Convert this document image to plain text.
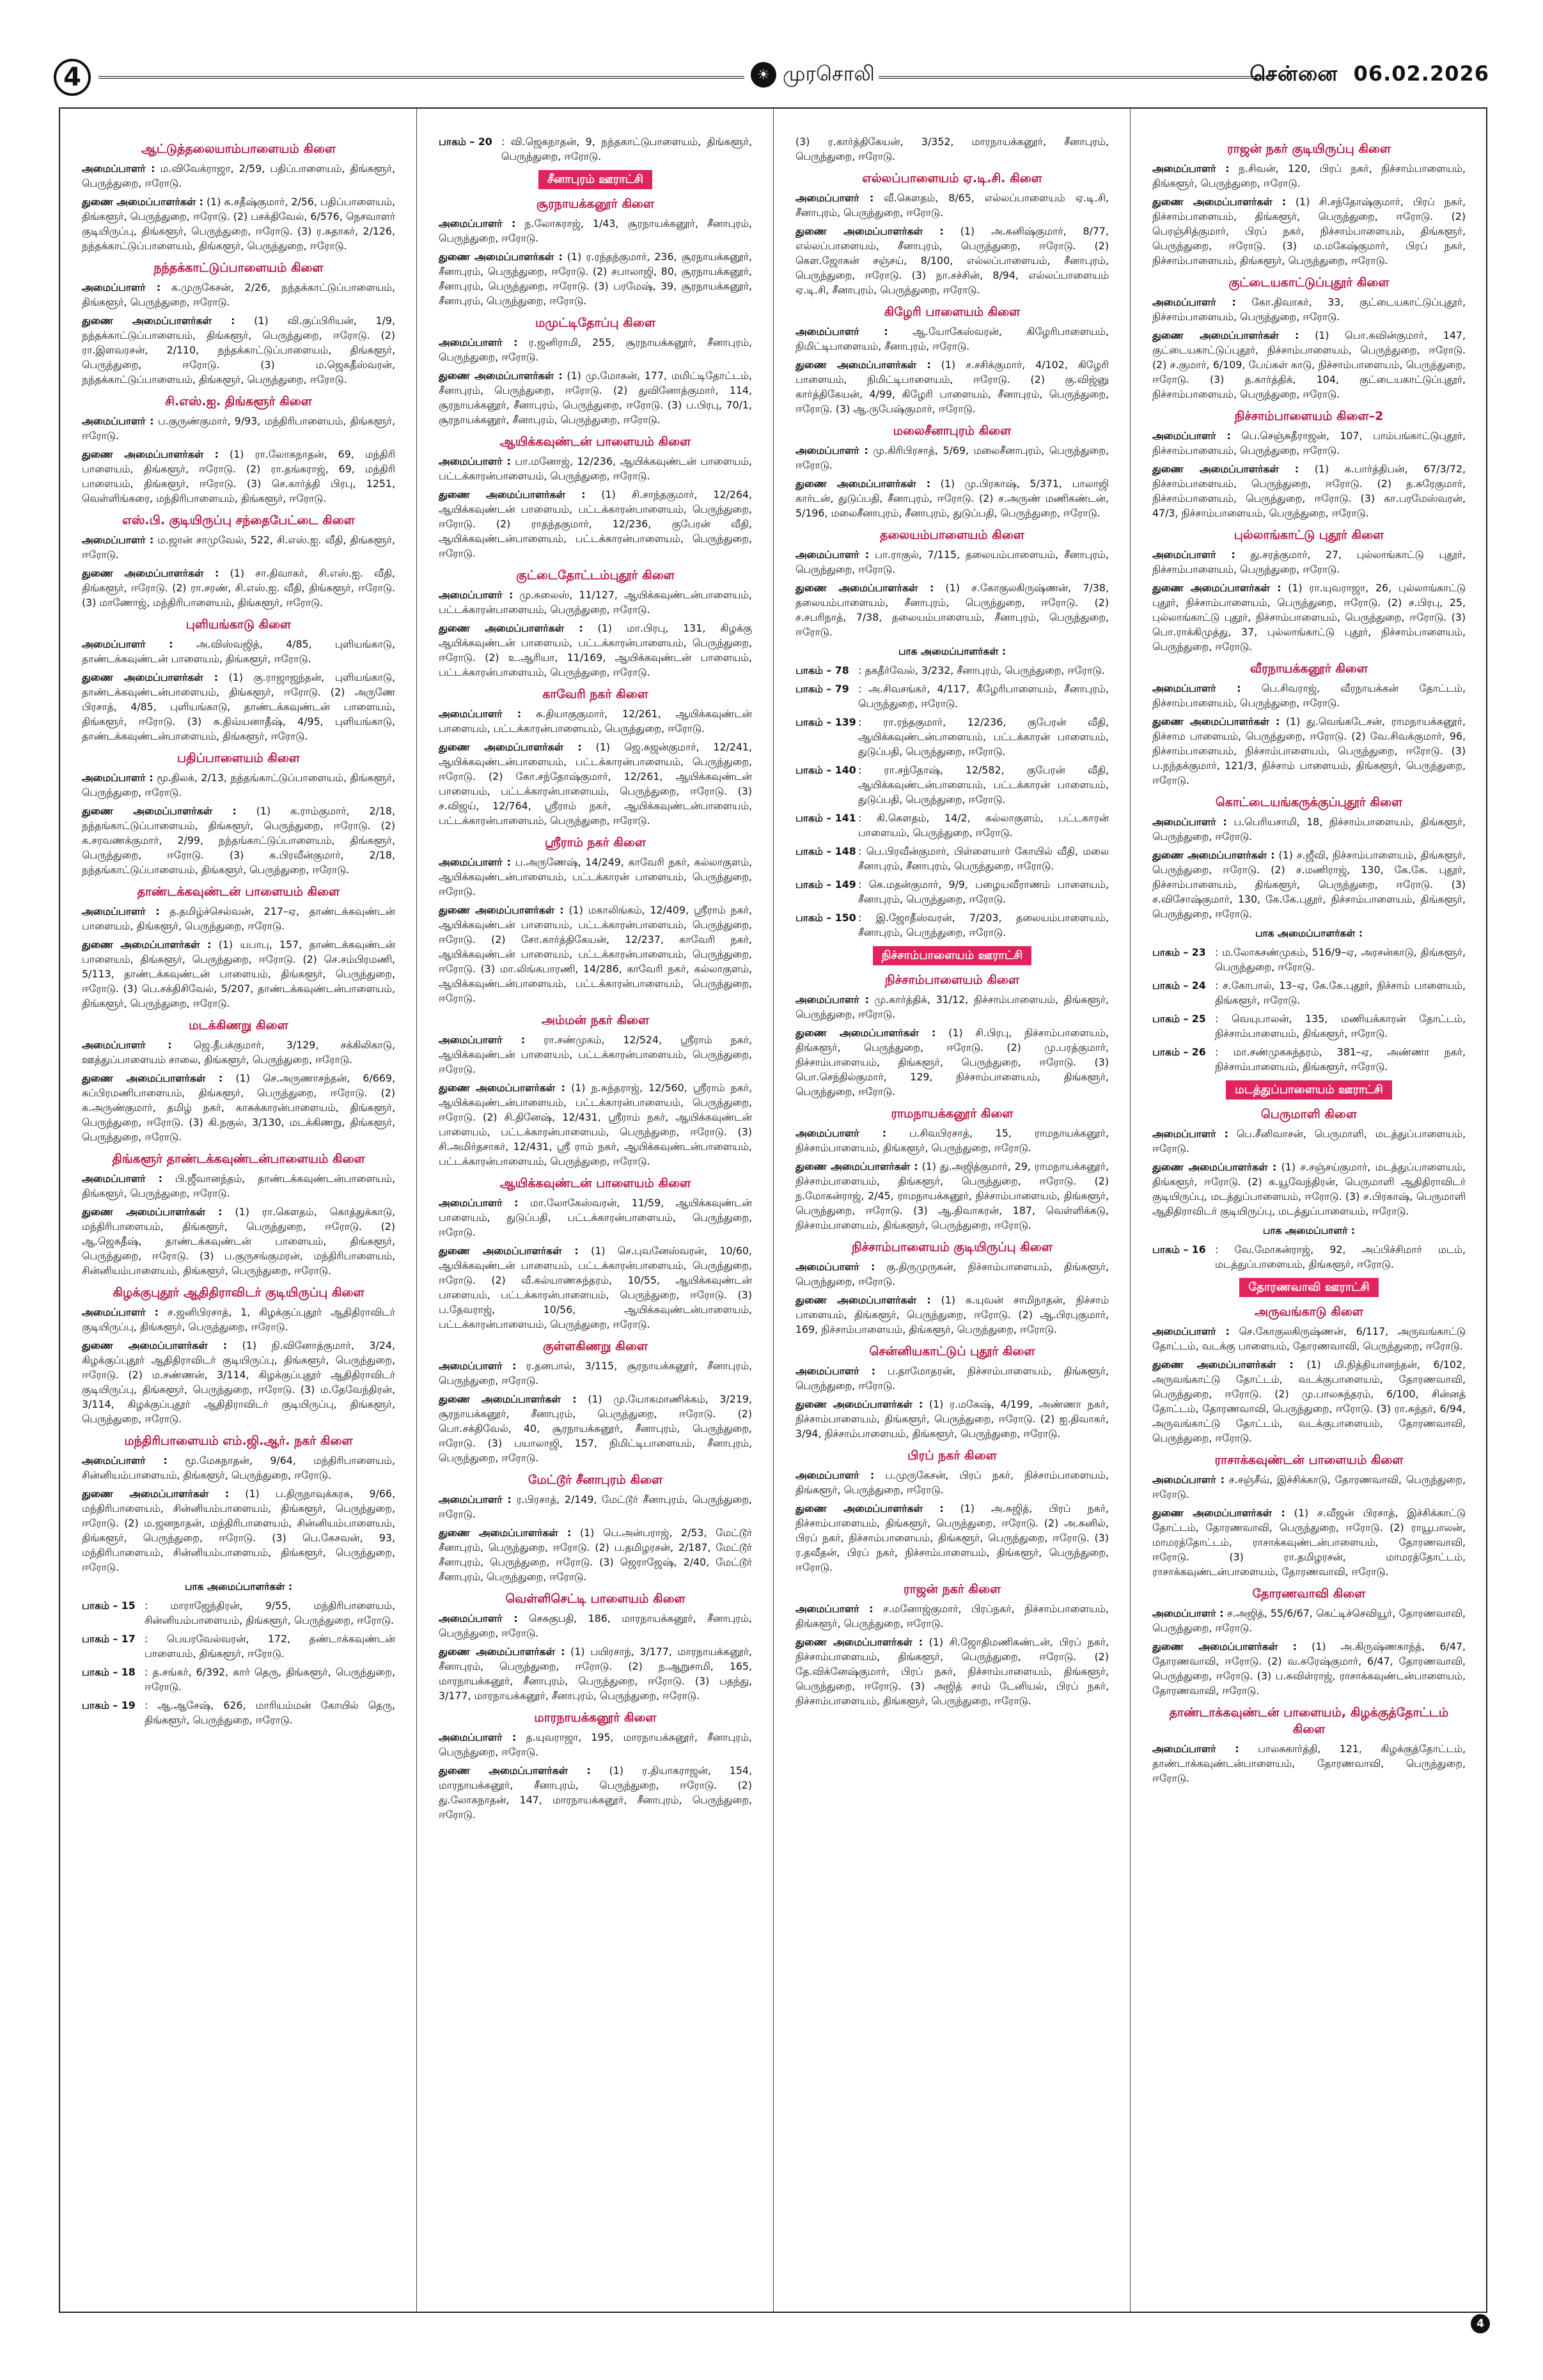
4	☀ முரசொலி	சென்னை 06.02.2026
ஆட்டுத்தலையாம்பாளையம் கிளை

அமைப்பாளர் : ம.விவேக்ராஜா, 2/59, பதிப்பாளையம், திங்களூர், பெருந்துறை, ஈரோடு.

துணை அமைப்பாளர்கள் : (1) க.சதீஷ்குமார், 2/56, பதிப்பாளையம், திங்களூர், பெருந்துறை, ஈரோடு. (2) பசக்திவேல், 6/576, நெசவாளர் குடியிருப்பு, திங்களூர், பெருந்துறை, ஈரோடு. (3) ர.சுதாகர், 2/126, நந்தக்காட்டுப்பாளையம், திங்களூர், பெருந்துறை, ஈரோடு.

நந்தக்காட்டுப்பாளையம் கிளை

அமைப்பாளர் : க.முருகேசன், 2/26, நந்தக்காட்டுப்பாளையம், திங்களூர், பெருந்துறை, ஈரோடு.

துணை அமைப்பாளர்கள் : (1) வி.குப்பிரியன், 1/9, நந்தக்காட்டுப்பாளையம், திங்களூர், பெருந்துறை, ஈரோடு. (2) ரா.இளவரசன், 2/110, நந்தக்காட்டுப்பாளையம், திங்களூர், பெருந்துறை, ஈரோடு. (3) ம.ஜெகதீஸ்வரன், நந்தக்காட்டுப்பாளையம், திங்களூர், பெருந்துறை, ஈரோடு.

சி.எஸ்.ஐ. திங்களூர் கிளை

அமைப்பாளர் : ப.குருண்குமார், 9/93, மந்திரிபாளையம், திங்களூர், ஈரோடு.

துணை அமைப்பாளர்கள் : (1) ரா.லோகநாதன், 69, மந்திரி பாளையம், திங்களூர், ஈரோடு. (2) ரா.தங்கராஜ், 69, மந்திரி பாளையம், திங்களூர், ஈரோடு. (3) செ.கார்த்தி பிரபு, 1251, வெள்ளிங்கரை, மந்திரிபாளையம், திங்களூர், ஈரோடு.

எஸ்.பி. குடியிருப்பு சந்தைபேட்டை கிளை

அமைப்பாளர் : ம.ஜான் சாமுவேல், 522, சி.எஸ்.ஐ. வீதி, திங்களூர், ஈரோடு.

துணை அமைப்பாளர்கள் : (1) சா.திவாகர், சி.எஸ்.ஐ. வீதி, திங்களூர், ஈரோடு. (2) ரா.சரண், சி.எஸ்.ஐ. வீதி, திங்களூர், ஈரோடு. (3) மாணோஜ், மந்திரிபாளையம், திங்களூர், ஈரோடு.

புளியங்காடு கிளை

அமைப்பாளர் : அ.விஸ்வஜித், 4/85, புளியங்காடு, தாண்டக்கவுண்டன் பாளையம், திங்களூர், ஈரோடு.

துணை அமைப்பாளர்கள் : (1) கு.ராஜாஜந்தன், புளியங்காடு, தாண்டக்கவுண்டன்பாளையம், திங்களூர், ஈரோடு. (2) அருணே பிரசாத், 4/85, புளியங்காடு, தாண்டக்கவுண்டன் பாளையம், திங்களூர், ஈரோடு. (3) சு.திவ்யனாதீஷ், 4/95, புளியங்காடு, தாண்டக்கவுண்டன்பாளையம், திங்களூர், ஈரோடு.

பதிப்பாளையம் கிளை

அமைப்பாளர் : மூ.திலக், 2/13, நந்தங்காட்டுப்பாளையம், திங்களூர், பெருந்துறை, ஈரோடு.

துணை அமைப்பாளர்கள் : (1) க.ராம்குமார், 2/18, நந்தங்காட்டுப்பாளையம், திங்களூர், பெருந்துறை, ஈரோடு. (2) க.சரவணக்குமார், 2/99, நந்தங்காட்டுப்பாளையம், திங்களூர், பெருந்துறை, ஈரோடு. (3) க.பிரவீன்குமார், 2/18, நந்தங்காட்டுப்பாளையம், திங்களூர், பெருந்துறை, ஈரோடு.

தாண்டக்கவுண்டன் பாளையம் கிளை

அமைப்பாளர் : த.தமிழ்ச்செல்வன், 217–ஏ, தாண்டக்கவுண்டன் பாளையம், திங்களூர், பெருந்துறை, ஈரோடு.

துணை அமைப்பாளர்கள் : (1) யபாபு, 157, தாண்டக்கவுண்டன் பாளையம், திங்களூர், பெருந்துறை, ஈரோடு. (2) செ.சம்பிரமணி, 5/113, தாண்டக்கவுண்டன் பாளையம், திங்களூர், பெருந்துறை, ஈரோடு. (3) பெ.சக்திசிவேல், 5/207, தாண்டக்கவுண்டன்பாளையம், திங்களூர், பெருந்துறை, ஈரோடு.

மடக்கிணறு கிளை

அமைப்பாளர் : ஜெ.தீபக்குமார், 3/129, சக்கிலிகாடு, ஊத்துப்பாளையம் சாலை, திங்களூர், பெருந்துறை, ஈரோடு.

துணை அமைப்பாளர்கள் : (1) செ.அருணாசந்தன், 6/669, சுப்பிரமணிபாளையம், திங்களூர், பெருந்துறை, ஈரோடு. (2) க.அருண்குமார், தமிழ் நகர், காசுக்காரன்பாளையம், திங்களூர், பெருந்துறை, ஈரோடு. (3) கி.நகுல், 3/130, மடக்கிணறு, திங்களூர், பெருந்துறை, ஈரோடு.

திங்களூர் தாண்டக்கவுண்டன்பாளையம் கிளை

அமைப்பாளர் : பி.ஜீவானந்தம், தாண்டக்கவுண்டன்பாளையம், திங்களூர், பெருந்துறை, ஈரோடு.

துணை அமைப்பாளர்கள் : (1) ரா.கௌதம், கொத்துக்காடு, மந்திரிபாளையம், திங்களூர், பெருந்துறை, ஈரோடு. (2) ஆ.ஜெகதீஷ், தாண்டக்கவுண்டன் பாளையம், திங்களூர், பெருந்துறை, ஈரோடு. (3) ப.குருசங்குமரன், மந்திரிபாளையம், சின்னியம்பாளையம், திங்களூர், பெருந்துறை, ஈரோடு.

கிழக்குபுதூர் ஆதிதிராவிடர் குடியிருப்பு கிளை

அமைப்பாளர் : ச.ஜனிபிரசாத், 1, கிழக்குப்புதூர் ஆதிதிராவிடர் குடியிருப்பு, திங்களூர், பெருந்துறை, ஈரோடு.

துணை அமைப்பாளர்கள் : (1) நி.வினோத்குமார், 3/24, கிழக்குப்புதூர் ஆதிதிராவிடர் குடியிருப்பு, திங்களூர், பெருந்துறை, ஈரோடு. (2) ம.சண்ணன், 3/114, கிழக்குப்புதூர் ஆதிதிராவிடர் குடியிருப்பு, திங்களூர், பெருந்துறை, ஈரோடு. (3) ம.தேவேந்திரன், 3/114, கிழக்குப்புதூர் ஆதிதிராவிடர் குடியிருப்பு, திங்களூர், பெருந்துறை, ஈரோடு.

மந்திரிபாளையம் எம்.ஜி.ஆர். நகர் கிளை

அமைப்பாளர் : மூ.மேகநாதன், 9/64, மந்திரிபாளையம், சின்னியம்பாளையம், திங்களூர், பெருந்துறை, ஈரோடு.

துணை அமைப்பாளர்கள் : (1) ப.திருநாவுக்கரசு, 9/66, மந்திரிபாளையம், சின்னியம்பாளையம், திங்களூர், பெருந்துறை, ஈரோடு. (2) ம.ஜனநாதன், மந்திரிபாளையம், சின்னியம்பாளையம், திங்களூர், பெருந்துறை, ஈரோடு. (3) பெ.கேசவன், 93, மந்திரிபாளையம், சின்னியம்பாளையம், திங்களூர், பெருந்துறை, ஈரோடு.

பாக அமைப்பாளர்கள் :
பாகம் – 15 : மாராஜேந்திரன், 9/55, மந்திரிபாளையம், சின்னியம்பாளையம், திங்களூர், பெருந்துறை, ஈரோடு.
பாகம் – 17 : பெயரவேல்வரன், 172, தண்டாக்கவுண்டன் பாளையம், திங்களூர், ஈரோடு.
பாகம் – 18 : த.சங்கர், 6/392, கார் தெரு, திங்களூர், பெருந்துறை, ஈரோடு.
பாகம் – 19 : ஆ.ஆசேஷ், 626, மாரியம்மன் கோயில் தெரு, திங்களூர், பெருந்துறை, ஈரோடு.
பாகம் – 20 : வி.ஜெகநாதன், 9, நந்தகாட்டுபாளையம், திங்களூர், பெருந்துறை, ஈரோடு.
சீனாபுரம் ஊராட்சி
சூரநாயக்கனூர் கிளை

அமைப்பாளர் : ந.லோகராஜ், 1/43, சூரநாயக்கனூர், சீனாபுரம், பெருந்துறை, ஈரோடு.

துணை அமைப்பாளர்கள் : (1) ர.ரந்தந்குமார், 236, சூரநாயக்கனூர், சீனாபுரம், பெருந்துறை, ஈரோடு. (2) சபாலாஜி, 80, சூரநாயக்கனூர், சீனாபுரம், பெருந்துறை, ஈரோடு. (3) பரமேஷ், 39, சூரநாயக்கனூர், சீனாபுரம், பெருந்துறை, ஈரோடு.

மமுட்டிதோப்பு கிளை

அமைப்பாளர் : ர.ஜனிராமி, 255, சூரநாயக்கனூர், சீனாபுரம், பெருந்துறை, ஈரோடு.

துணை அமைப்பாளர்கள் : (1) மு.மோகன், 177, மமிட்டிதோட்டம், சீனாபுரம், பெருந்துறை, ஈரோடு. (2) துவினோத்குமார், 114, சூரநாயக்கனூர், சீனாபுரம், பெருந்துறை, ஈரோடு. (3) ப.பிரபு, 70/1, சூரநாயக்கனூர், சீனாபுரம், பெருந்துறை, ஈரோடு.

ஆயிக்கவுண்டன் பாளையம் கிளை

அமைப்பாளர் : பா.மனோஜ், 12/236, ஆயிக்கவுண்டன் பாளையம், பட்டக்காரன்பாளையம், பெருந்துறை, ஈரோடு.

துணை அமைப்பாளர்கள் : (1) சி.சாந்தகுமார், 12/264, ஆயிக்கவுண்டன் பாளையம், பட்டக்காரன்பாளையம், பெருந்துறை, ஈரோடு. (2) ராதந்தகுமார், 12/236, குபேரன் வீதி, ஆயிக்கவுண்டன்பாளையம், பட்டக்காரன்பாளையம், பெருந்துறை, ஈரோடு.

குட்டைதோட்டம்புதூர் கிளை

அமைப்பாளர் : மு.சுலைஸ், 11/127, ஆயிக்கவுண்டன்பாளையம், பட்டக்காரன்பாளையம், பெருந்துறை, ஈரோடு.

துணை அமைப்பாளர்கள் : (1) மா.பிரபு, 131, கிழக்கு ஆயிக்கவுண்டன் பாளையம், பட்டக்காரன்பாளையம், பெருந்துறை, ஈரோடு. (2) உ.ஆரியா, 11/169, ஆயிக்கவுண்டன் பாளையம், பட்டக்காரன்பாளையம், பெருந்துறை, ஈரோடு.

காவேரி நகர் கிளை

அமைப்பாளர் : சு.தியாகுகுமார், 12/261, ஆயிக்கவுண்டன் பாளையம், பட்டக்காரன்பாளையம், பெருந்துறை, ஈரோடு.

துணை அமைப்பாளர்கள் : (1) ஜெ.சுஜன்குமார், 12/241, ஆயிக்கவுண்டன்பாளையம், பட்டக்காரன்பாளையம், பெருந்துறை, ஈரோடு. (2) கோ.சந்தோஷ்குமார், 12/261, ஆயிக்கவுண்டன் பாளையம், பட்டக்காரன்பாளையம், பெருந்துறை, ஈரோடு. (3) ச.விஜய், 12/764, ஸ்ரீராம் நகர், ஆயிக்கவுண்டன்பாளையம், பட்டக்காரன்பாளையம், பெருந்துறை, ஈரோடு.

ஸ்ரீராம் நகர் கிளை

அமைப்பாளர் : ப.அருணேஷ், 14/249, காவேரி நகர், கல்லாகுளம், ஆயிக்கவுண்டன்பாளையம், பட்டக்காரன் பாளையம், பெருந்துறை, ஈரோடு.

துணை அமைப்பாளர்கள் : (1) மகாலிங்கம், 12/409, ஸ்ரீராம் நகர், ஆயிக்கவுண்டன் பாளையம், பட்டக்காரன்பாளையம், பெருந்துறை, ஈரோடு. (2) சோ.கார்த்திகேயன், 12/237, காவேரி நகர், ஆயிக்கவுண்டன் பாளையம், பட்டக்காரன்பாளையம், பெருந்துறை, ஈரோடு. (3) மா.லிங்கபாரணி, 14/286, காவேரி நகர், கல்லாகுளம், ஆயிக்கவுண்டன்பாளையம், பட்டக்காரன்பாளையம், பெருந்துறை, ஈரோடு.

அம்மன் நகர் கிளை

அமைப்பாளர் : ரா.சண்முகம், 12/524, ஸ்ரீராம் நகர், ஆயிக்கவுண்டன் பாளையம், பட்டக்காரன்பாளையம், பெருந்துறை, ஈரோடு.

துணை அமைப்பாளர்கள் : (1) ந.சுந்தராஜ், 12/560, ஸ்ரீராம் நகர், ஆயிக்கவுண்டன்பாளையம், பட்டக்காரன்பாளையம், பெருந்துறை, ஈரோடு. (2) சி.தினேஷ், 12/431, ஸ்ரீராம் நகர், ஆயிக்கவுண்டன் பாளையம், பட்டக்காரன்பாளையம், பெருந்துறை, ஈரோடு. (3) சி.அமிர்தசாகர், 12/431, ஸ்ரீ ராம் நகர், ஆயிக்கவுண்டன்பாளையம், பட்டக்காரன்பாளையம், பெருந்துறை, ஈரோடு.

ஆயிக்கவுண்டன் பாளையம் கிளை

அமைப்பாளர் : மா.லோகேஸ்வரன், 11/59, ஆயிக்கவுண்டன் பாளையம், துடுப்பதி, பட்டக்காரன்பாளையம், பெருந்துறை, ஈரோடு.

துணை அமைப்பாளர்கள் : (1) செ.புவனேஸ்வரன், 10/60, ஆயிக்கவுண்டன் பாளையம், பட்டக்காரன்பாளையம், பெருந்துறை, ஈரோடு. (2) வீ.கல்யாணசுந்தரம், 10/55, ஆயிக்கவுண்டன் பாளையம், பட்டக்காரன்பாளையம், பெருந்துறை, ஈரோடு. (3) ப.தேவராஜ், 10/56, ஆயிக்கவுண்டன்பாளையம், பட்டக்காரன்பாளையம், பெருந்துறை, ஈரோடு.

குள்ளகிணறு கிளை

அமைப்பாளர் : ர.தனபால், 3/115, சூரநாயக்கனூர், சீனாபுரம், பெருந்துறை, ஈரோடு.

துணை அமைப்பாளர்கள் : (1) மு.யோகமாணிக்கம், 3/219, சூரநாயக்கனூர், சீனாபுரம், பெருந்துறை, ஈரோடு. (2) பொ.சக்திவேல், 40, சூரநாயக்கனூர், சீனாபுரம், பெருந்துறை, ஈரோடு. (3) பயாலாஜி, 157, நிமிட்டிபாளையம், சீனாபுரம், பெருந்துறை, ஈரோடு.

மேட்டூர் சீனாபுரம் கிளை

அமைப்பாளர் : ர.பிரசாத், 2/149, மேட்டூர் சீனாபுரம், பெருந்துறை, ஈரோடு.

துணை அமைப்பாளர்கள் : (1) பெ.அன்பராஜ், 2/53, மேட்டூர் சீனாபுரம், பெருந்துறை, ஈரோடு. (2) ப.தமிழரசன், 2/187, மேட்டூர் சீனாபுரம், பெருந்துறை, ஈரோடு. (3) ஜெராஜேஷ், 2/40, மேட்டூர் சீனாபுரம், பெருந்துறை, ஈரோடு.

வெள்ளிசெட்டி பாளையம் கிளை

அமைப்பாளர் : செசுகுபதி, 186, மாரநாயக்கனூர், சீனாபுரம், பெருந்துறை, ஈரோடு.

துணை அமைப்பாளர்கள் : (1) பயிரசாந், 3/177, மாரநாயக்கனூர், சீனாபுரம், பெருந்துறை, ஈரோடு. (2) ந.ஆறுசாமி, 165, மாரநாயக்கனூர், சீனாபுரம், பெருந்துறை, ஈரோடு. (3) பதந்து, 3/177, மாரநாயக்கனூர், சீனாபுரம், பெருந்துறை, ஈரோடு.

மாரநாயக்கனூர் கிளை

அமைப்பாளர் : த.யுவராஜா, 195, மாரநாயக்கனூர், சீனாபுரம், பெருந்துறை, ஈரோடு.

துணை அமைப்பாளர்கள் : (1) ர.தியாகராஜன், 154, மாரநாயக்கனூர், சீனாபுரம், பெருந்துறை, ஈரோடு. (2) து.லோகநாதன், 147, மாரநாயக்கனூர், சீனாபுரம், பெருந்துறை, ஈரோடு.

(3) ர.கார்த்திகேயன், 3/352, மாரநாயக்கனூர், சீனாபுரம், பெருந்துறை, ஈரோடு.

எல்லப்பாளையம் ஏ.டி.சி. கிளை

அமைப்பாளர் : வீ.கௌதம், 8/65, எல்லப்பாளையம் ஏ.டி.சி, சீனாபுரம், பெருந்துறை, ஈரோடு.

துணை அமைப்பாளர்கள் : (1) அ.கனிஷ்குமார், 8/77, எல்லப்பாளையம், சீனாபுரம், பெருந்துறை, ஈரோடு. (2) கௌ.ஜோகன் சஞ்சய், 8/100, எல்லப்பாளையம், சீனாபுரம், பெருந்துறை, ஈரோடு. (3) நா.சச்சின், 8/94, எல்லப்பாளையம் ஏ.டி.சி, சீனாபுரம், பெருந்துறை, ஈரோடு.

கிழேரி பாளையம் கிளை

அமைப்பாளர் : ஆ.யோகேஸ்வரன், கிழேரிபாளையம், நிமிட்டிபாளையம், சீனாபுரம், ஈரோடு.

துணை அமைப்பாளர்கள் : (1) ச.சசிக்குமார், 4/102, கிழேரி பாளையம், நிமிட்டிபாளையம், ஈரோடு. (2) கு.விஜ்னு கார்த்திகேயன், 4/99, கிழேரி பாளையம், சீனாபுரம், பெருந்துறை, ஈரோடு. (3) ஆ.ருபேஷ்குமார், ஈரோடு.

மலைசீனாபுரம் கிளை

அமைப்பாளர் : மு.கிரிபிரசாத், 5/69, மலைசீனாபுரம், பெருந்துறை, ஈரோடு.

துணை அமைப்பாளர்கள் : (1) மு.பிரகாஷ், 5/371, பாலாஜி கார்டன், துடுப்பதி, சீனாபுரம், ஈரோடு. (2) ச.அருண் மணிகண்டன், 5/196, மலைசீனாபுரம், சீனாபுரம், துடுப்பதி, பெருந்துறை, ஈரோடு.

தலையம்பாளையம் கிளை

அமைப்பாளர் : பா.ராகுல், 7/115, தலையம்பாளையம், சீனாபுரம், பெருந்துறை, ஈரோடு.

துணை அமைப்பாளர்கள் : (1) ச.கோகுலகிருஷ்ணன், 7/38, தலையம்பாளையம், சீனாபுரம், பெருந்துறை, ஈரோடு. (2) ச.சபரிநாத், 7/38, தலையம்பாளையம், சீனாபுரம், பெருந்துறை, ஈரோடு.

பாக அமைப்பாளர்கள் :
பாகம் – 78 : தகதீர்வேல், 3/232, சீனாபுரம், பெருந்துறை, ஈரோடு.
பாகம் – 79 : அ.சிவசங்கர், 4/117, கீழேரிபாளையம், சீனாபுரம், பெருந்துறை, ஈரோடு.
பாகம் – 139 : ரா.ரந்தகுமார், 12/236, குபேரன் வீதி, ஆயிக்கவுண்டன்பாளையம், பட்டக்காரன் பாளையம், துடுப்பதி, பெருந்துறை, ஈரோடு.
பாகம் – 140 : ரா.சந்தோஷ், 12/582, குபேரன் வீதி, ஆயிக்கவுண்டன்பாளையம், பட்டக்காரன் பாளையம், துடுப்பதி, பெருந்துறை, ஈரோடு.
பாகம் – 141 : கி.கௌதம், 14/2, கல்லாகுளம், பட்டகாரன் பாளையம், பெருந்துறை, ஈரோடு.
பாகம் – 148 : பெ.பிரவீன்குமார், பிள்ளையார் கோயில் வீதி, மலை சீனாபுரம், சீனாபுரம், பெருந்துறை, ஈரோடு.
பாகம் – 149 : கெ.மதன்குமார், 9/9, பழையவீராணம் பாளையம், சீனாபுரம், பெருந்துறை, ஈரோடு.
பாகம் – 150 : இ.ஜோதீஸ்வரன், 7/203, தலையம்பாளையம், சீனாபுரம், பெருந்துறை, ஈரோடு.
நிச்சாம்பாளையம் ஊராட்சி
நிச்சாம்பாளையம் கிளை

அமைப்பாளர் : மு.கார்த்திக், 31/12, நிச்சாம்பாளையம், திங்களூர், பெருந்துறை, ஈரோடு.

துணை அமைப்பாளர்கள் : (1) சி.பிரபு, நிச்சாம்பாளையம், திங்களூர், பெருந்துறை, ஈரோடு. (2) மு.பரத்குமார், நிச்சாம்பாளையம், திங்களூர், பெருந்துறை, ஈரோடு. (3) பொ.செந்தில்குமார், 129, நிச்சாம்பாளையம், திங்களூர், பெருந்துறை, ஈரோடு.

ராமநாயக்கனூர் கிளை

அமைப்பாளர் : ப.சிவபிரசாத், 15, ராமநாயக்கனூர், நிச்சாம்பாளையம், திங்களூர், பெருந்துறை, ஈரோடு.

துணை அமைப்பாளர்கள் : (1) து.அஜித்குமார், 29, ராமநாயக்கனூர், நிச்சாம்பாளையம், திங்களூர், பெருந்துறை, ஈரோடு. (2) ந.மோகன்ராஜ், 2/45, ராமநாயக்கனூர், நிச்சாம்பாளையம், திங்களூர், பெருந்துறை, ஈரோடு. (3) ஆ.திவாகரன், 187, வெள்ளிக்கடு, நிச்சாம்பாளையம், திங்களூர், பெருந்துறை, ஈரோடு.

நிச்சாம்பாளையம் குடியிருப்பு கிளை

அமைப்பாளர் : கு.திருமுருகன், நிச்சாம்பாளையம், திங்களூர், பெருந்துறை, ஈரோடு.

துணை அமைப்பாளர்கள் : (1) க.யுவன் சாமிநாதன், நிச்சாம் பாளையம், திங்களூர், பெருந்துறை, ஈரோடு. (2) ஆ.பிரபுகுமார், 169, நிச்சாம்பாளையம், திங்களூர், பெருந்துறை, ஈரோடு.

சென்னியகாட்டுப் புதூர் கிளை

அமைப்பாளர் : ப.தாமோதரன், நிச்சாம்பாளையம், திங்களூர், பெருந்துறை, ஈரோடு.

துணை அமைப்பாளர்கள் : (1) ர.மகேஷ், 4/199, அண்ணா நகர், நிச்சாம்பாளையம், திங்களூர், பெருந்துறை, ஈரோடு. (2) ஐ.திவாகர், 3/94, நிச்சாம்பாளையம், திங்களூர், பெருந்துறை, ஈரோடு.

பிரப் நகர் கிளை

அமைப்பாளர் : ப.முருகேசன், பிரப் நகர், நிச்சாம்பாளையம், திங்களூர், பெருந்துறை, ஈரோடு.

துணை அமைப்பாளர்கள் : (1) அ.சுஜித், பிரப் நகர், நிச்சாம்பாளையம், திங்களூர், பெருந்துறை, ஈரோடு. (2) அ.சுனில், பிரப் நகர், நிச்சாம்பாளையம், திங்களூர், பெருந்துறை, ஈரோடு. (3) ர.தவீதன், பிரப் நகர், நிச்சாம்பாளையம், திங்களூர், பெருந்துறை, ஈரோடு.

ராஜன் நகர் கிளை

அமைப்பாளர் : ச.மனோஜ்குமார், பிரப்நகர், நிச்சாம்பாளையம், திங்களூர், பெருந்துறை, ஈரோடு.

துணை அமைப்பாளர்கள் : (1) சி.ஜோதிமணிகண்டன், பிரப் நகர், நிச்சாம்பாளையம், திங்களூர், பெருந்துறை, ஈரோடு. (2) தே.விக்னேஷ்குமார், பிரப் நகர், நிச்சாம்பாளையம், திங்களூர், பெருந்துறை, ஈரோடு. (3) அஜித் சாம் டேனியல், பிரப் நகர், நிச்சாம்பாளையம், திங்களூர், பெருந்துறை, ஈரோடு.

ராஜன் நகர் குடியிருப்பு கிளை

அமைப்பாளர் : ந.சிவன், 120, பிரப் நகர், நிச்சாம்பாளையம், திங்களூர், பெருந்துறை, ஈரோடு.

துணை அமைப்பாளர்கள் : (1) சி.சந்தோஷ்குமார், பிரப் நகர், நிச்சாம்பாளையம், திங்களூர், பெருந்துறை, ஈரோடு. (2) பெரஞ்சித்குமார், பிரப் நகர், நிச்சாம்பாளையம், திங்களூர், பெருந்துறை, ஈரோடு. (3) ம.மகேஷ்குமார், பிரப் நகர், நிச்சாம்பாளையம், திங்களூர், பெருந்துறை, ஈரோடு.

குட்டையகாட்டுப்புதூர் கிளை

அமைப்பாளர் : கோ.திவாகர், 33, குட்டையகாட்டுப்புதூர், நிச்சாம்பாளையம், பெருந்துறை, ஈரோடு.

துணை அமைப்பாளர்கள் : (1) பொ.கவின்குமார், 147, குட்டையகாட்டுப்புதூர், நிச்சாம்பாளையம், பெருந்துறை, ஈரோடு. (2) ச.குமார், 6/109, பேய்கள் காடு, நிச்சாம்பாளையம், பெருந்துறை, ஈரோடு. (3) த.கார்த்திக், 104, குட்டையகாட்டுப்புதூர், நிச்சாம்பாளையம், பெருந்துறை, ஈரோடு.

நிச்சாம்பாளையம் கிளை–2

அமைப்பாளர் : பெ.செஞ்சுதீராஜன், 107, பாம்பங்காட்டுபுதூர், நிச்சாம்பாளையம், பெருந்துறை, ஈரோடு.

துணை அமைப்பாளர்கள் : (1) க.பார்த்திபன், 67/3/72, நிச்சாம்பாளையம், பெருந்துறை, ஈரோடு. (2) த.சுரேகுமார், நிச்சாம்பாளையம், பெருந்துறை, ஈரோடு. (3) கா.பரமேஸ்வரன், 47/3, நிச்சாம்பாளையம், பெருந்துறை, ஈரோடு.

புல்லாங்காட்டு புதூர் கிளை

அமைப்பாளர் : து.சரத்குமார், 27, புல்லாங்காட்டு புதூர், நிச்சாம்பாளையம், பெருந்துறை, ஈரோடு.

துணை அமைப்பாளர்கள் : (1) ரா.யுவராஜா, 26, புல்லாங்காட்டு புதூர், நிச்சாம்பாளையம், பெருந்துறை, ஈரோடு. (2) ச.பிரபு, 25, புல்லாங்காட்டு புதூர், நிச்சாம்பாளையம், பெருந்துறை, ஈரோடு. (3) பொ.ராக்கிமுத்து, 37, புல்லாங்காட்டு புதூர், நிச்சாம்பாளையம், பெருந்துறை, ஈரோடு.

வீரநாயக்கனூர் கிளை

அமைப்பாளர் : பெ.சிவராஜ், வீரநாயக்கன் தோட்டம், நிச்சாம்பாளையம், பெருந்துறை, ஈரோடு.

துணை அமைப்பாளர்கள் : (1) து.வெங்கடேசன், ராமநாயக்கனூர், நிச்சாம பாளையம், பெருந்துறை, ஈரோடு. (2) வே.சிவக்குமார், 96, நிச்சாம்பாளையம், நிச்சாம்பாளையம், பெருந்துறை, ஈரோடு. (3) ப.நந்தக்குமார், 121/3, நிச்சாம் பாளையம், திங்களூர், பெருந்துறை, ஈரோடு.

கொட்டையங்கருக்குப்புதூர் கிளை

அமைப்பாளர் : ப.பெரியசாமி, 18, நிச்சாம்பாளையம், திங்களூர், பெருந்துறை, ஈரோடு.

துணை அமைப்பாளர்கள் : (1) ச.ஜீவி, நிச்சாம்பாளையம், திங்களூர், பெருந்துறை, ஈரோடு. (2) ச.மணிராஜ், 130, கே.கே. புதூர், நிச்சாம்பாளையம், திங்களூர், பெருந்துறை, ஈரோடு. (3) ச.விசோஷ்குமார், 130, கே.கே.புதூர், நிச்சாம்பாளையம், திங்களூர், பெருந்துறை, ஈரோடு.

பாக அமைப்பாளர்கள் :
பாகம் – 23 : ம.லோகசண்முகம், 516/9–ஏ, அரசன்காடு, திங்களூர், பெருந்துறை, ஈரோடு.
பாகம் – 24 : ச.கோபால், 13–ஏ, கே.கே.புதூர், நிச்சாம் பாளையம், திங்களூர், ஈரோடு.
பாகம் – 25 : வெயுபாலன், 135, மணியக்காரன் தோட்டம், நிச்சாம்பாளையம், திங்களூர், ஈரோடு.
பாகம் – 26 : மா.சண்முகசுந்தரம், 381–ஏ, அண்ணா நகர், நிச்சாம்பாளையம், திங்களூர், ஈரோடு.
மடத்துப்பாளையம் ஊராட்சி
பெருமாளி கிளை

அமைப்பாளர் : பெ.சீனிவாசன், பெருமாளி, மடத்துப்பாளையம், ஈரோடு.

துணை அமைப்பாளர்கள் : (1) ச.சஞ்சய்குமார், மடத்துப்பாளையம், திங்களூர், ஈரோடு. (2) க.யூவேந்திரன், பெருமாளி ஆதிதிராவிடர் குடியிருப்பு, மடத்துப்பாளையம், ஈரோடு. (3) ச.பிரகாஷ், பெருமாளி ஆதிதிராவிடர் குடியிருப்பு, மடத்துப்பாளையம், ஈரோடு.

பாக அமைப்பாளர் :
பாகம் – 16 : வே.மோகன்ராஜ், 92, அப்பிச்சிமார் மடம், மடத்துப்பாளையம், திங்களூர், ஈரோடு.
தோரணவாவி ஊராட்சி
அருவங்காடு கிளை

அமைப்பாளர் : செ.கோகுலகிருஷ்ணன், 6/117, அருவங்காட்டு தோட்டம், வடக்கு பாளையம், தோரணவாவி, பெருந்துறை, ஈரோடு.

துணை அமைப்பாளர்கள் : (1) மி.நித்தியானந்தன், 6/102, அருவங்காட்டு தோட்டம், வடக்குபாளையம், தோரணவாவி, பெருந்துறை, ஈரோடு. (2) மு.பாலசுந்தரம், 6/100, சின்னத் தோட்டம், தோரணவாவி, பெருந்துறை, ஈரோடு. (3) ரா.சுந்தர், 6/94, அருவங்காட்டு தோட்டம், வடக்குபாளையம், தோரணவாவி, பெருந்துறை, ஈரோடு.

ராசாக்கவுண்டன் பாளையம் கிளை

அமைப்பாளர் : ச.சஞ்சீவ், இச்சிக்காடு, தோரணவாவி, பெருந்துறை, ஈரோடு.

துணை அமைப்பாளர்கள் : (1) ச.வீஜன் பிரசாத், இச்சிக்காட்டு தோட்டம், தோரணவாவி, பெருந்துறை, ஈரோடு. (2) ராயூபாலன், மாமரத்தோட்டம், ராசாக்கவுண்டன்பாளையம், தோரணவாவி, ஈரோடு. (3) ரா.தமிழரசன், மாமரத்தோட்டம், ராசாக்கவுண்டன்பாளையம், தோரணவாவி, ஈரோடு.

தோரணவாவி கிளை

அமைப்பாளர் : ச.அஜித், 55/6/67, கெட்டிச்செவியூர், தோரணவாவி, பெருந்துறை, ஈரோடு.

துணை அமைப்பாளர்கள் : (1) அ.கிருஷ்ணகாந்த், 6/47, தோரணவாவி, ஈரோடு. (2) வ.சுரேஷ்குமார், 6/47, தோரணவாவி, பெருந்துறை, ஈரோடு. (3) ப.சுவிள்ராஜ், ராசாக்கவுண்டன்பாளையம், தோரணவாவி, ஈரோடு.

தாண்டாக்கவுண்டன் பாளையம், கிழக்குத்தோட்டம் கிளை

அமைப்பாளர் : பாலசுகார்த்தி, 121, கிழக்குத்தோட்டம், தாண்டாக்கவுண்டன்பாளையம், தோரணவாவி, பெருந்துறை, ஈரோடு.

4
